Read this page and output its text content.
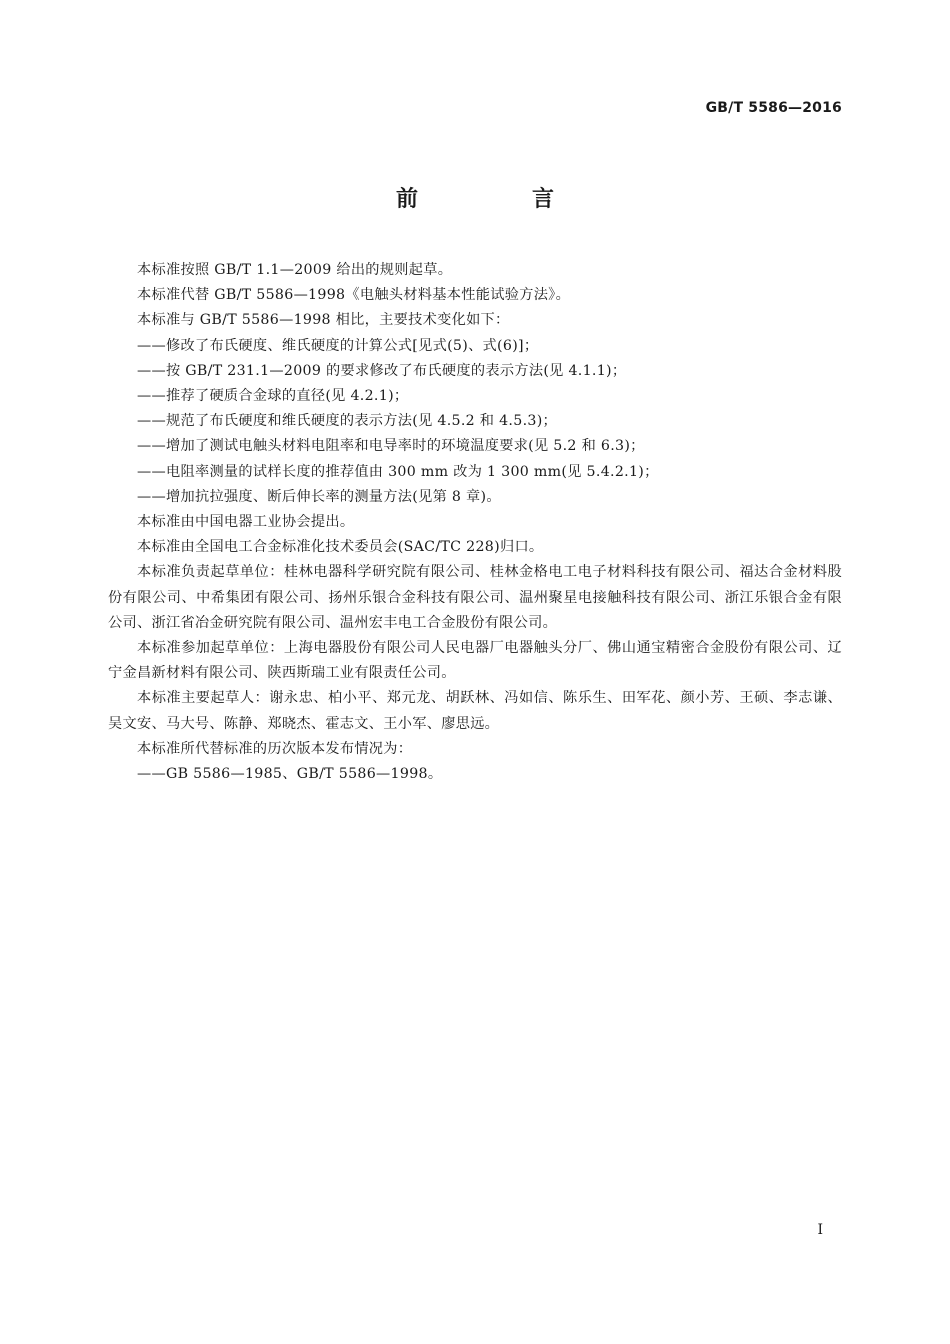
GB/T 5586—2016
前　言

本标准按照 GB/T 1.1—2009 给出的规则起草。

本标准代替 GB/T 5586—1998《电触头材料基本性能试验方法》。

本标准与 GB/T 5586—1998 相比，主要技术变化如下：

——修改了布氏硬度、维氏硬度的计算公式[见式(5)、式(6)]；

——按 GB/T 231.1—2009 的要求修改了布氏硬度的表示方法(见 4.1.1)；

——推荐了硬质合金球的直径(见 4.2.1)；

——规范了布氏硬度和维氏硬度的表示方法(见 4.5.2 和 4.5.3)；

——增加了测试电触头材料电阻率和电导率时的环境温度要求(见 5.2 和 6.3)；

——电阻率测量的试样长度的推荐值由 300 mm 改为 1 300 mm(见 5.4.2.1)；

——增加抗拉强度、断后伸长率的测量方法(见第 8 章)。

本标准由中国电器工业协会提出。

本标准由全国电工合金标准化技术委员会(SAC/TC 228)归口。

本标准负责起草单位：桂林电器科学研究院有限公司、桂林金格电工电子材料科技有限公司、福达合金材料股份有限公司、中希集团有限公司、扬州乐银合金科技有限公司、温州聚星电接触科技有限公司、浙江乐银合金有限公司、浙江省冶金研究院有限公司、温州宏丰电工合金股份有限公司。

本标准参加起草单位：上海电器股份有限公司人民电器厂电器触头分厂、佛山通宝精密合金股份有限公司、辽宁金昌新材料有限公司、陕西斯瑞工业有限责任公司。

本标准主要起草人：谢永忠、柏小平、郑元龙、胡跃林、冯如信、陈乐生、田军花、颜小芳、王硕、李志谦、吴文安、马大号、陈静、郑晓杰、霍志文、王小军、廖思远。

本标准所代替标准的历次版本发布情况为：

——GB 5586—1985、GB/T 5586—1998。

I
